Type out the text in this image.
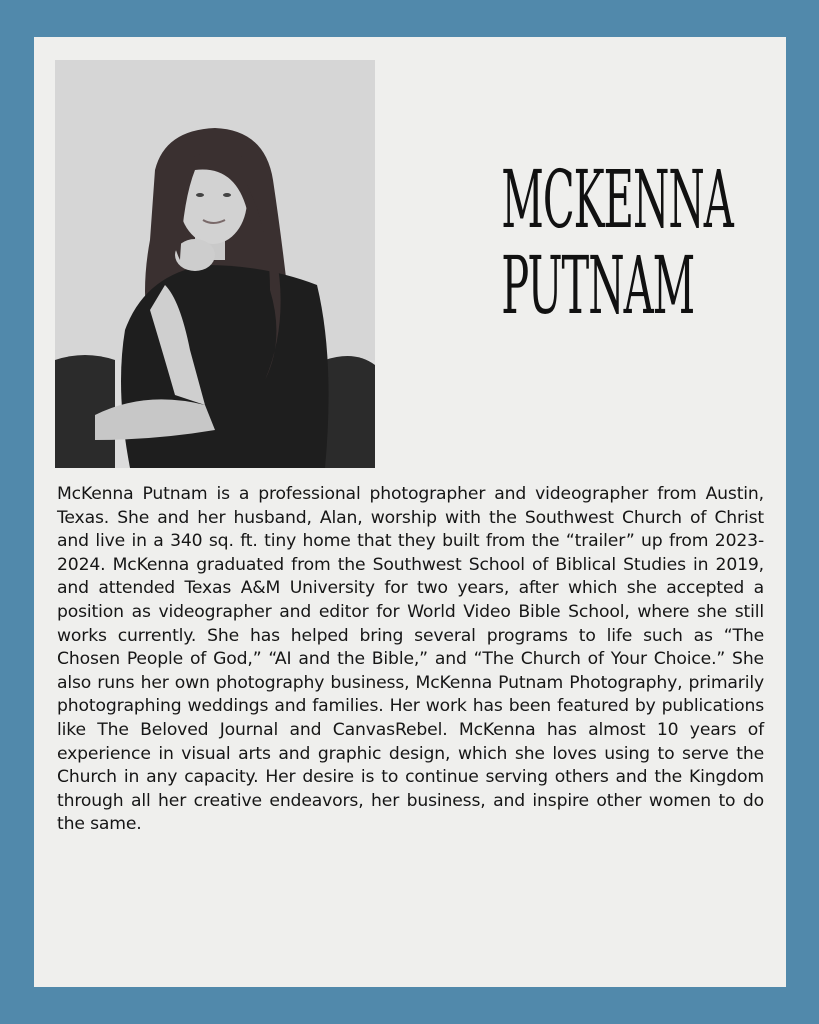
MCKENNA
PUTNAM

McKenna Putnam is a professional photographer and videographer from Austin, Texas. She and her husband, Alan, worship with the Southwest Church of Christ and live in a 340 sq. ft. tiny home that they built from the “trailer” up from 2023-2024. McKenna graduated from the Southwest School of Biblical Studies in 2019, and attended Texas A&M University for two years, after which she accepted a position as videographer and editor for World Video Bible School, where she still works currently. She has helped bring several programs to life such as “The Chosen People of God,” “AI and the Bible,” and “The Church of Your Choice.” She also runs her own photography business, McKenna Putnam Photography, primarily photographing weddings and families. Her work has been featured by publications like The Beloved Journal and CanvasRebel. McKenna has almost 10 years of experience in visual arts and graphic design, which she loves using to serve the Church in any capacity. Her desire is to continue serving others and the Kingdom through all her creative endeavors, her business, and inspire other women to do the same.
